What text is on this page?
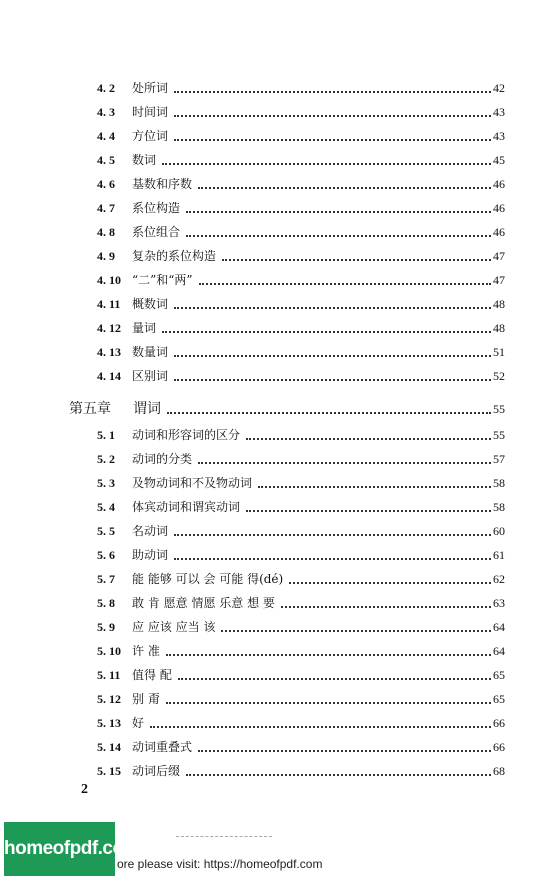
4. 2 处所词	42
4. 3 时间词	43
4. 4 方位词	43
4. 5 数词	45
4. 6 基数和序数	46
4. 7 系位构造	46
4. 8 系位组合	46
4. 9 复杂的系位构造	47
4. 10 “二”和“两”	47
4. 11 概数词	48
4. 12 量词	48
4. 13 数量词	51
4. 14 区别词	52
第五章 谓词	55
5. 1 动词和形容词的区分	55
5. 2 动词的分类	57
5. 3 及物动词和不及物动词	58
5. 4 体宾动词和谓宾动词	58
5. 5 名动词	60
5. 6 助动词	61
5. 7 能 能够 可以 会 可能 得(dé)	62
5. 8 敢 肯 愿意 情愿 乐意 想 要	63
5. 9 应 应该 应当 该	64
5. 10 许 准	64
5. 11 值得 配	65
5. 12 别 甭	65
5. 13 好	66
5. 14 动词重叠式	66
5. 15 动词后缀	68
2
homeofpdf.com
ore please visit: https://homeofpdf.com
